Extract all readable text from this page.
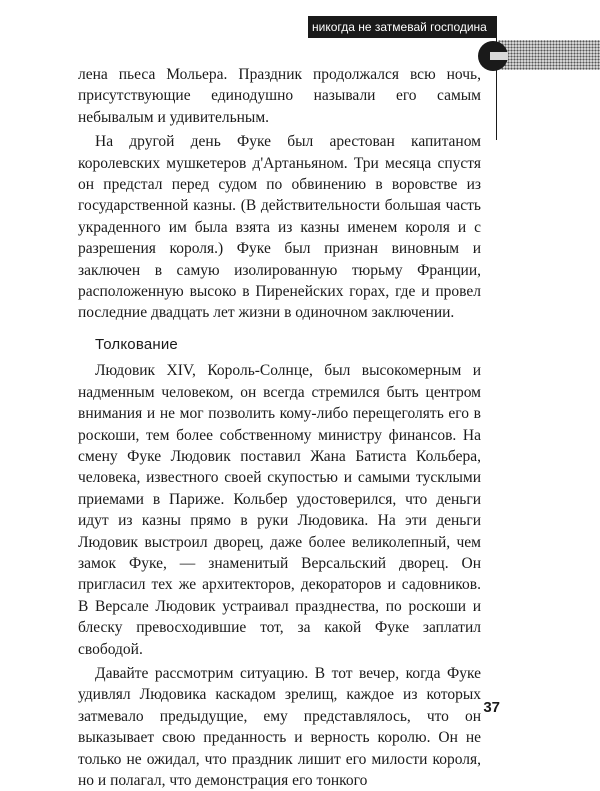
никогда не затмевай господина

лена пьеса Мольера. Праздник продолжался всю ночь, присутствующие единодушно называли его самым небывалым и удивительным.

На другой день Фуке был арестован капитаном королевских мушкетеров д'Артаньяном. Три месяца спустя он предстал перед судом по обвинению в воровстве из государственной казны. (В действительности большая часть украденного им была взята из казны именем короля и с разрешения короля.) Фуке был признан виновным и заключен в самую изолированную тюрьму Франции, расположенную высоко в Пиренейских горах, где и провел последние двадцать лет жизни в одиночном заключении.

Толкование

Людовик XIV, Король-Солнце, был высокомерным и надменным человеком, он всегда стремился быть центром внимания и не мог позволить кому-либо перещеголять его в роскоши, тем более собственному министру финансов. На смену Фуке Людовик поставил Жана Батиста Кольбера, человека, известного своей скупостью и самыми тусклыми приемами в Париже. Кольбер удостоверился, что деньги идут из казны прямо в руки Людовика. На эти деньги Людовик выстроил дворец, даже более великолепный, чем замок Фуке, — знаменитый Версальский дворец. Он пригласил тех же архитекторов, декораторов и садовников. В Версале Людовик устраивал празднества, по роскоши и блеску превосходившие тот, за какой Фуке заплатил свободой.

Давайте рассмотрим ситуацию. В тот вечер, когда Фуке удивлял Людовика каскадом зрелищ, каждое из которых затмевало предыдущие, ему представлялось, что он выказывает свою преданность и верность королю. Он не только не ожидал, что праздник лишит его милости короля, но и полагал, что демонстрация его тонкого

37
